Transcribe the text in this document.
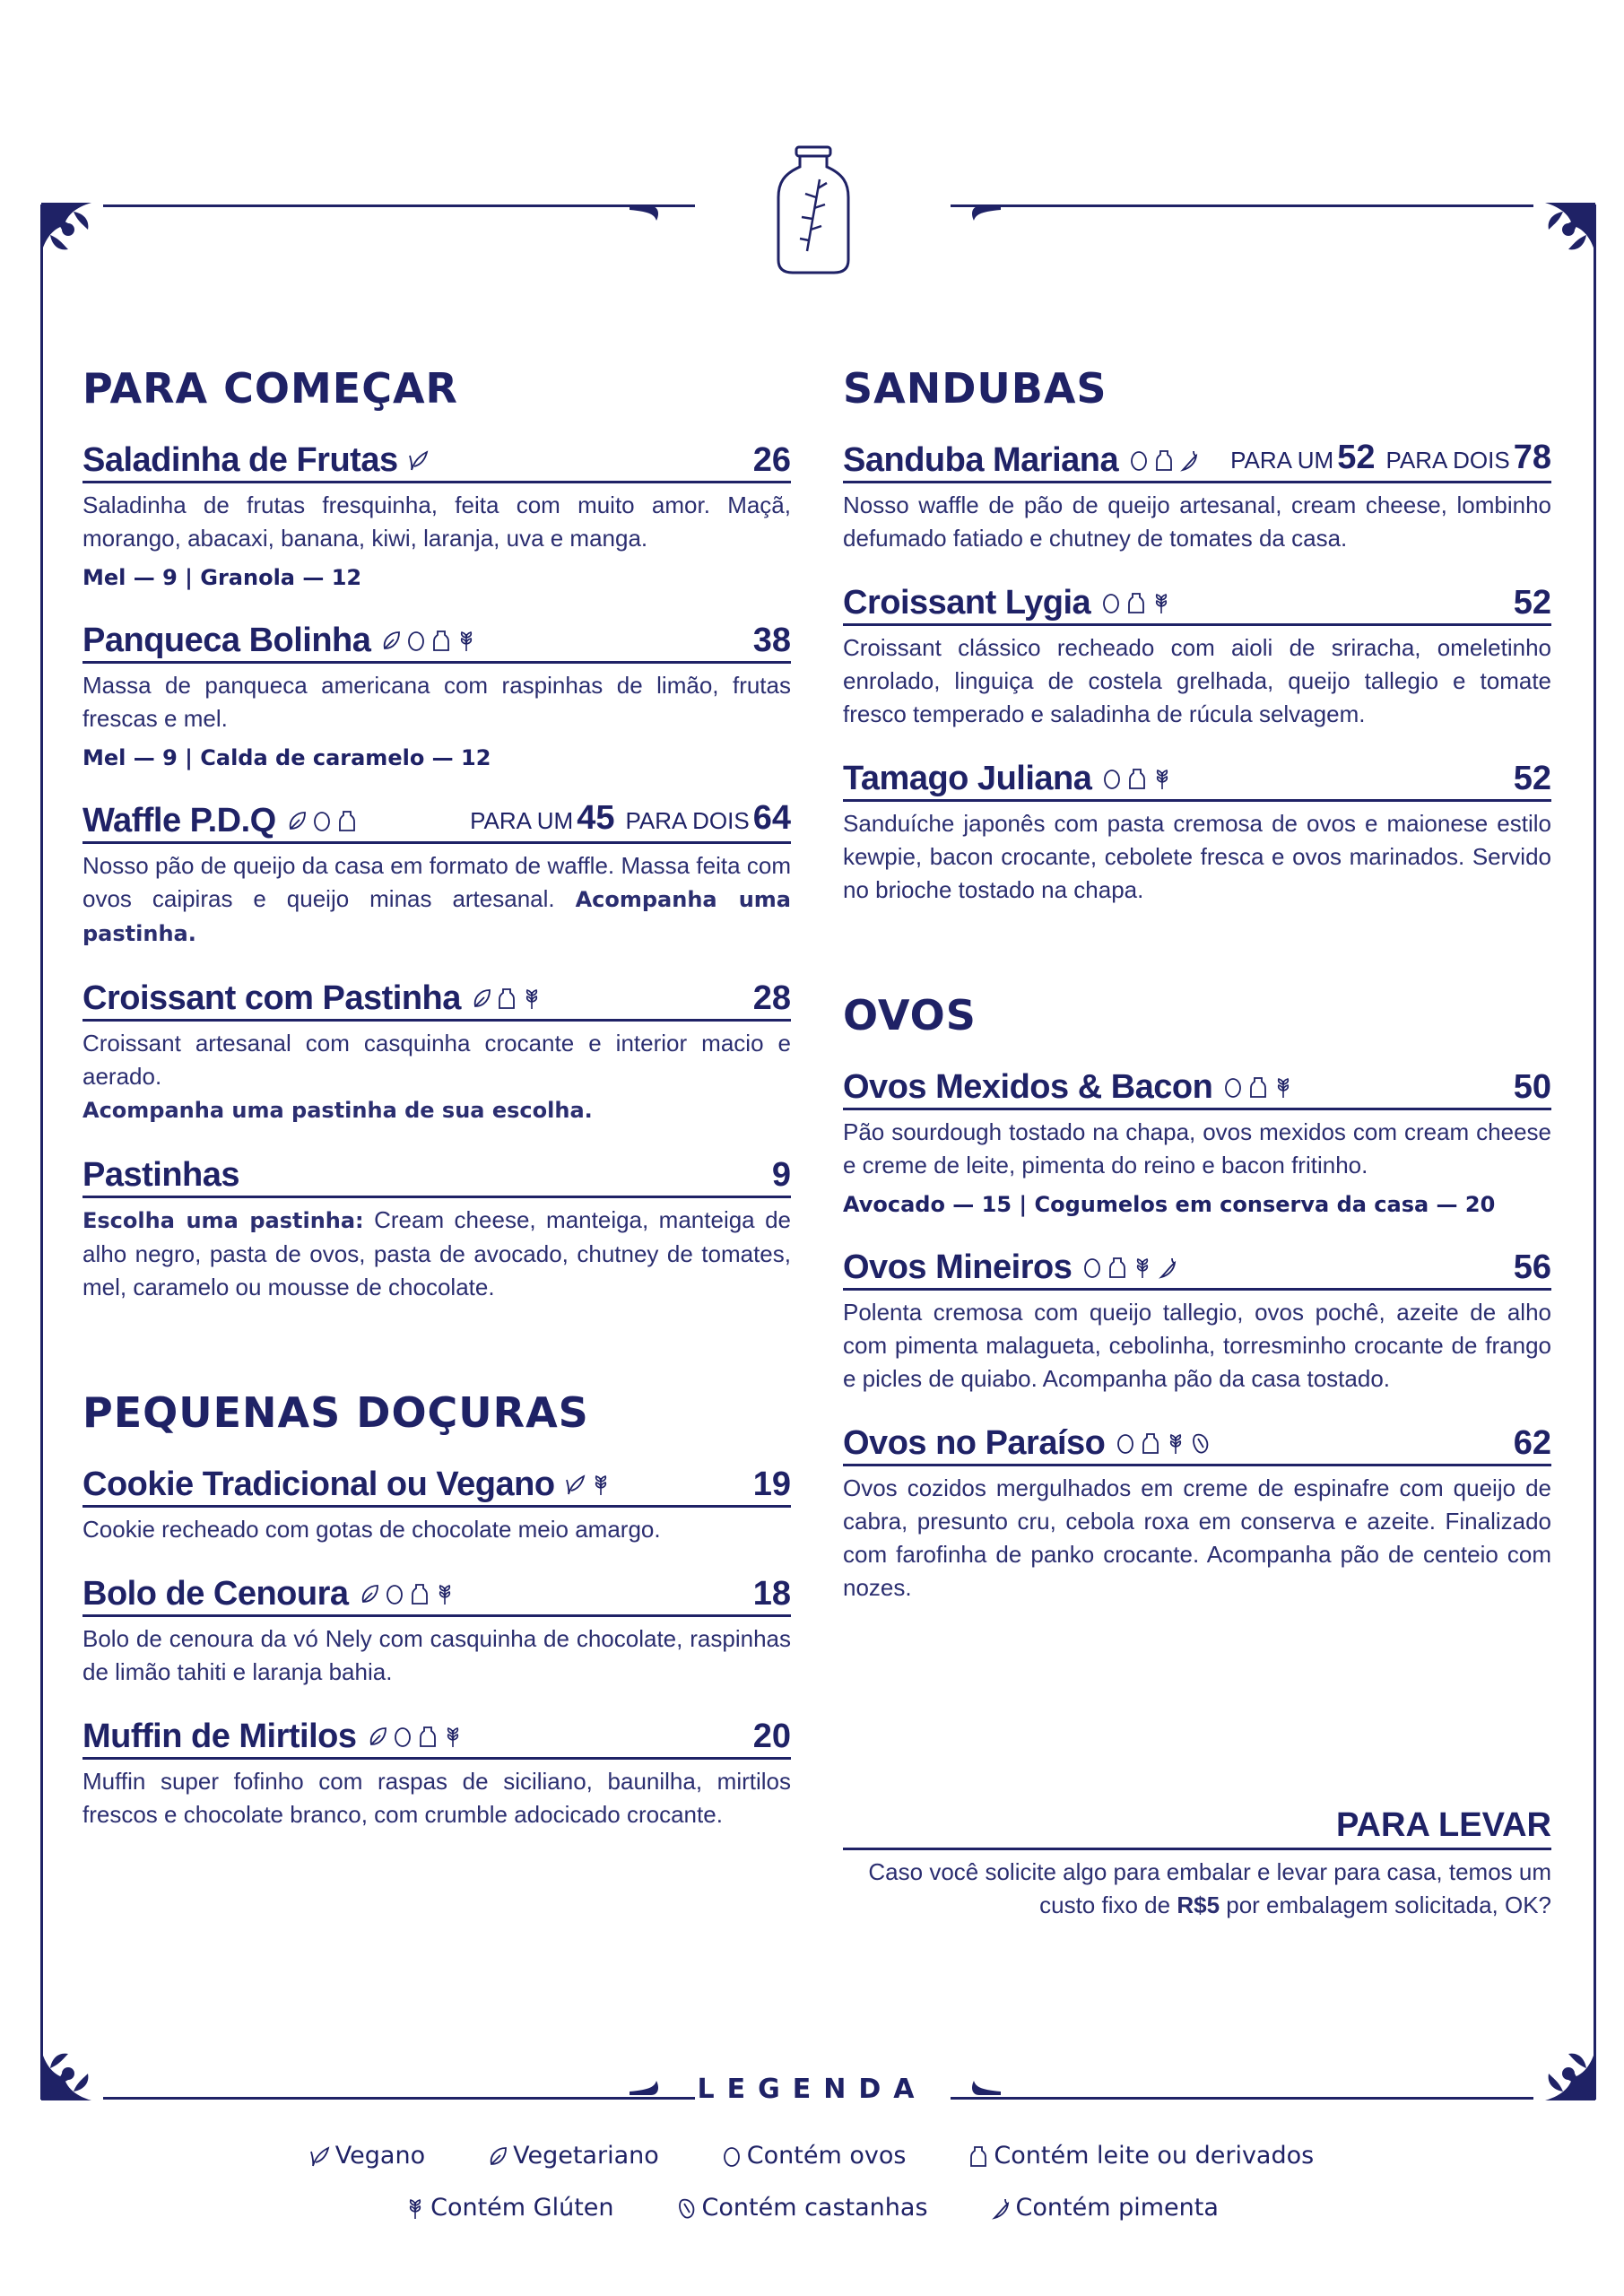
PARA COMEÇAR
Saladinha de Frutas	26
Saladinha de frutas fresquinha, feita com muito amor. Maçã, morango, abacaxi, banana, kiwi, laranja, uva e manga.
Mel — 9 | Granola — 12
Panqueca Bolinha	38
Massa de panqueca americana com raspinhas de limão, frutas frescas e mel.
Mel — 9 | Calda de caramelo — 12
Waffle P.D.Q	PARA UM 45 PARA DOIS 64
Nosso pão de queijo da casa em formato de waffle. Massa feita com ovos caipiras e queijo minas artesanal. Acompanha uma pastinha.
Croissant com Pastinha	28
Croissant artesanal com casquinha crocante e interior macio e aerado.
Acompanha uma pastinha de sua escolha.
Pastinhas	9
Escolha uma pastinha: Cream cheese, manteiga, manteiga de alho negro, pasta de ovos, pasta de avocado, chutney de tomates, mel, caramelo ou mousse de chocolate.
PEQUENAS DOÇURAS
Cookie Tradicional ou Vegano	19
Cookie recheado com gotas de chocolate meio amargo.
Bolo de Cenoura	18
Bolo de cenoura da vó Nely com casquinha de chocolate, raspinhas de limão tahiti e laranja bahia.
Muffin de Mirtilos	20
Muffin super fofinho com raspas de siciliano, baunilha, mirtilos frescos e chocolate branco, com crumble adocicado crocante.
SANDUBAS
Sanduba Mariana	PARA UM 52 PARA DOIS 78
Nosso waffle de pão de queijo artesanal, cream cheese, lombinho defumado fatiado e chutney de tomates da casa.
Croissant Lygia	52
Croissant clássico recheado com aioli de sriracha, omeletinho enrolado, linguiça de costela grelhada, queijo tallegio e tomate fresco temperado e saladinha de rúcula selvagem.
Tamago Juliana	52
Sanduíche japonês com pasta cremosa de ovos e maionese estilo kewpie, bacon crocante, cebolete fresca e ovos marinados. Servido no brioche tostado na chapa.
OVOS
Ovos Mexidos & Bacon	50
Pão sourdough tostado na chapa, ovos mexidos com cream cheese e creme de leite, pimenta do reino e bacon fritinho.
Avocado — 15 | Cogumelos em conserva da casa — 20
Ovos Mineiros	56
Polenta cremosa com queijo tallegio, ovos pochê, azeite de alho com pimenta malagueta, cebolinha, torresminho crocante de frango e picles de quiabo. Acompanha pão da casa tostado.
Ovos no Paraíso	62
Ovos cozidos mergulhados em creme de espinafre com queijo de cabra, presunto cru, cebola roxa em conserva e azeite. Finalizado com farofinha de panko crocante. Acompanha pão de centeio com nozes.
PARA LEVAR
Caso você solicite algo para embalar e levar para casa, temos um custo fixo de R$5 por embalagem solicitada, OK?
LEGENDA
Vegano	Vegetariano	Contém ovos	Contém leite ou derivados
Contém Glúten	Contém castanhas	Contém pimenta
